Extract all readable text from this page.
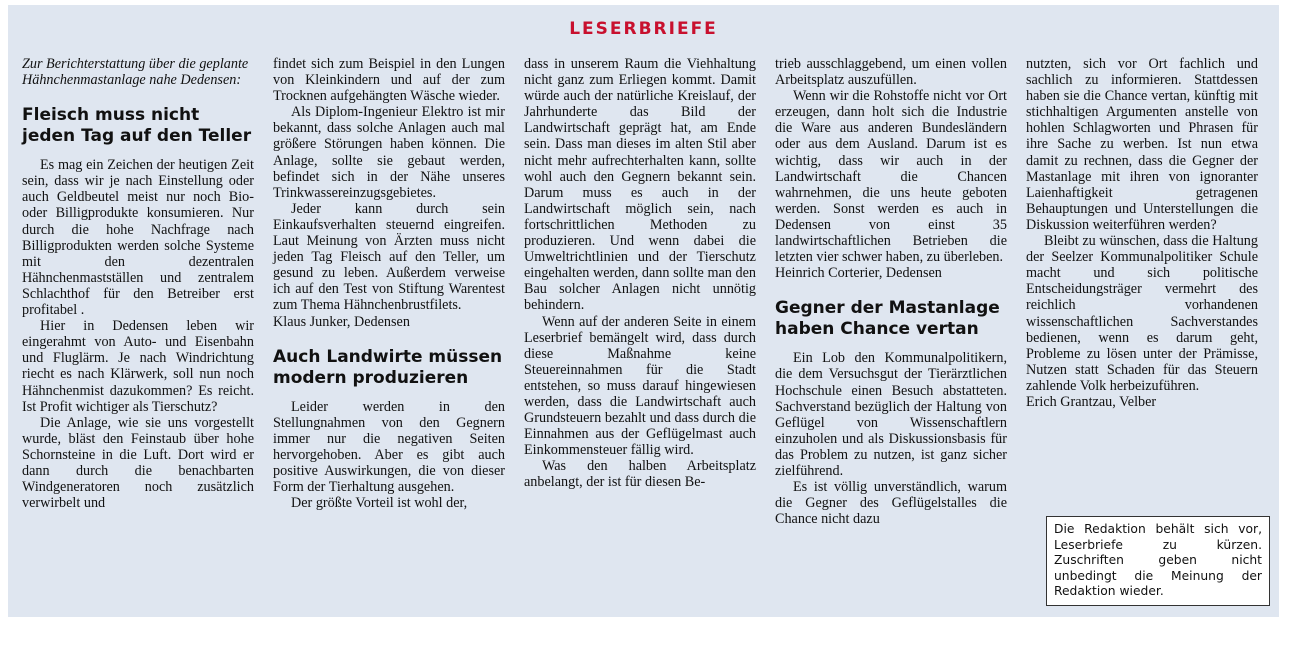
LESERBRIEFE

Zur Berichterstattung über die geplante Hähnchenmastanlage nahe Dedensen:

Fleisch muss nicht jeden Tag auf den Teller

Es mag ein Zeichen der heutigen Zeit sein, dass wir je nach Einstellung oder auch Geldbeutel meist nur noch Bio- oder Billigprodukte konsumieren. Nur durch die hohe Nachfrage nach Billigprodukten werden solche Systeme mit den dezentralen Hähnchenmastställen und zentralem Schlachthof für den Betreiber erst profitabel .

Hier in Dedensen leben wir eingerahmt von Auto- und Eisenbahn und Fluglärm. Je nach Windrichtung riecht es nach Klärwerk, soll nun noch Hähnchenmist dazukommen? Es reicht. Ist Profit wichtiger als Tierschutz?

Die Anlage, wie sie uns vorgestellt wurde, bläst den Feinstaub über hohe Schornsteine in die Luft. Dort wird er dann durch die benachbarten Windgeneratoren noch zusätzlich verwirbelt und

findet sich zum Beispiel in den Lungen von Kleinkindern und auf der zum Trocknen aufgehängten Wäsche wieder.

Als Diplom-Ingenieur Elektro ist mir bekannt, dass solche Anlagen auch mal größere Störungen haben können. Die Anlage, sollte sie gebaut werden, befindet sich in der Nähe unseres Trinkwassereinzugsgebietes.

Jeder kann durch sein Einkaufsverhalten steuernd eingreifen. Laut Meinung von Ärzten muss nicht jeden Tag Fleisch auf den Teller, um gesund zu leben. Außerdem verweise ich auf den Test von Stiftung Warentest zum Thema Hähnchenbrustfilets.

Klaus Junker, Dedensen

Auch Landwirte müssen modern produzieren

Leider werden in den Stellungnahmen von den Gegnern immer nur die negativen Seiten hervorgehoben. Aber es gibt auch positive Auswirkungen, die von dieser Form der Tierhaltung ausgehen.

Der größte Vorteil ist wohl der,

dass in unserem Raum die Viehhaltung nicht ganz zum Erliegen kommt. Damit würde auch der natürliche Kreislauf, der Jahrhunderte das Bild der Landwirtschaft geprägt hat, am Ende sein. Dass man dieses im alten Stil aber nicht mehr aufrechterhalten kann, sollte wohl auch den Gegnern bekannt sein. Darum muss es auch in der Landwirtschaft möglich sein, nach fortschrittlichen Methoden zu produzieren. Und wenn dabei die Umweltrichtlinien und der Tierschutz eingehalten werden, dann sollte man den Bau solcher Anlagen nicht unnötig behindern.

Wenn auf der anderen Seite in einem Leserbrief bemängelt wird, dass durch diese Maßnahme keine Steuereinnahmen für die Stadt entstehen, so muss darauf hingewiesen werden, dass die Landwirtschaft auch Grundsteuern bezahlt und dass durch die Einnahmen aus der Geflügelmast auch Einkommensteuer fällig wird.

Was den halben Arbeitsplatz anbelangt, der ist für diesen Be-

trieb ausschlaggebend, um einen vollen Arbeitsplatz auszufüllen.

Wenn wir die Rohstoffe nicht vor Ort erzeugen, dann holt sich die Industrie die Ware aus anderen Bundesländern oder aus dem Ausland. Darum ist es wichtig, dass wir auch in der Landwirtschaft die Chancen wahrnehmen, die uns heute geboten werden. Sonst werden es auch in Dedensen von einst 35 landwirtschaftlichen Betrieben die letzten vier schwer haben, zu überleben.

Heinrich Corterier, Dedensen

Gegner der Mastanlage haben Chance vertan

Ein Lob den Kommunalpolitikern, die dem Versuchsgut der Tierärztlichen Hochschule einen Besuch abstatteten. Sachverstand bezüglich der Haltung von Geflügel von Wissenschaftlern einzuholen und als Diskussionsbasis für das Problem zu nutzen, ist ganz sicher zielführend.

Es ist völlig unverständlich, warum die Gegner des Geflügelstalles die Chance nicht dazu

nutzten, sich vor Ort fachlich und sachlich zu informieren. Stattdessen haben sie die Chance vertan, künftig mit stichhaltigen Argumenten anstelle von hohlen Schlagworten und Phrasen für ihre Sache zu werben. Ist nun etwa damit zu rechnen, dass die Gegner der Mastanlage mit ihren von ignoranter Laienhaftigkeit getragenen Behauptungen und Unterstellungen die Diskussion weiterführen werden?

Bleibt zu wünschen, dass die Haltung der Seelzer Kommunalpolitiker Schule macht und sich politische Entscheidungsträger vermehrt des reichlich vorhandenen wissenschaftlichen Sachverstandes bedienen, wenn es darum geht, Probleme zu lösen unter der Prämisse, Nutzen statt Schaden für das Steuern zahlende Volk herbeizuführen.

Erich Grantzau, Velber

Die Redaktion behält sich vor, Leserbriefe zu kürzen. Zuschriften geben nicht unbedingt die Meinung der Redaktion wieder.
